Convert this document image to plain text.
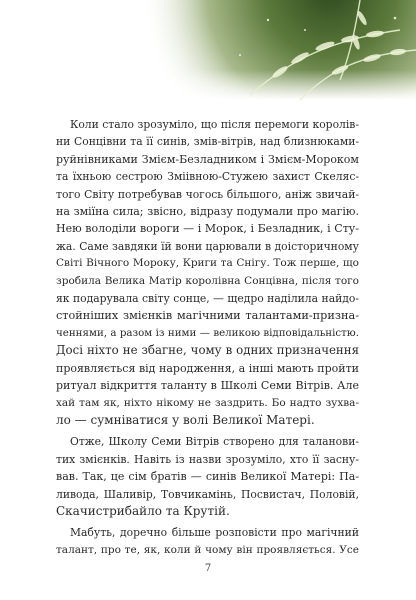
Коли стало зрозуміло, що після перемоги королів-
ни Сонцівни та її синів, змів-вітрів, над близнюками-
руйнівниками Змієм-Безладником і Змієм-Мороком
та їхньою сестрою Зміівною-Стужею захист Скеляс-
того Світу потребував чогось більшого, аніж звичай-
на зміїна сила; звісно, відразу подумали про магію.
Нею володіли вороги — і Морок, і Безладник, і Сту-
жа. Саме завдяки їй вони царювали в доісторичному
Світі Вічного Мороку, Криги та Снігу. Тож перше, що
зробила Велика Матір королівна Сонцівна, після того
як подарувала світу сонце, — щедро наділила найдо-
стойніших змієнків магічними талантами-призна-
ченнями, а разом із ними — великою відповідальністю.
Досі ніхто не збагне, чому в одних призначення
проявляється від народження, а інші мають пройти
ритуал відкриття таланту в Школі Семи Вітрів. Але
хай там як, ніхто нікому не заздрить. Бо надто зухва-
ло — сумніватися у волі Великої Матері.
Отже, Школу Семи Вітрів створено для таланови-
тих змієнків. Навіть із назви зрозуміло, хто її засну-
вав. Так, це сім братів — синів Великої Матері: Па-
ливода, Шаливір, Товчикамінь, Посвистач, Половій,
Скачистрибайло та Крутій.
Мабуть, доречно більше розповісти про магічний
талант, про те, як, коли й чому він проявляється. Усе
7
